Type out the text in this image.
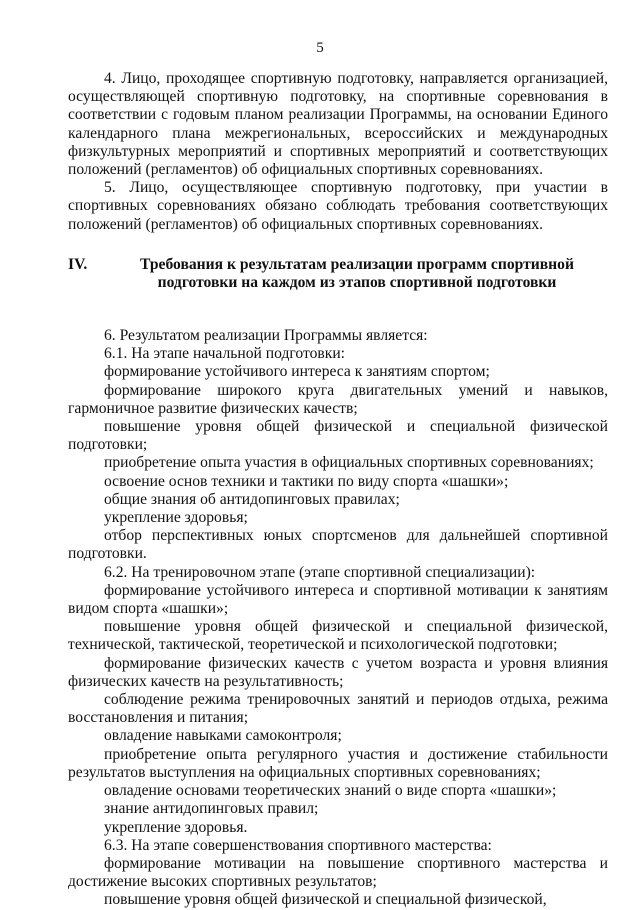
5

4. Лицо, проходящее спортивную подготовку, направляется организацией, осуществляющей спортивную подготовку, на спортивные соревнования в соответствии с годовым планом реализации Программы, на основании Единого календарного плана межрегиональных, всероссийских и международных физкультурных мероприятий и спортивных мероприятий и соответствующих положений (регламентов) об официальных спортивных соревнованиях.

5. Лицо, осуществляющее спортивную подготовку, при участии в спортивных соревнованиях обязано соблюдать требования соответствующих положений (регламентов) об официальных спортивных соревнованиях.

IV.	Требования к результатам реализации программ спортивной подготовки на каждом из этапов спортивной подготовки

6. Результатом реализации Программы является:

6.1. На этапе начальной подготовки:

формирование устойчивого интереса к занятиям спортом;

формирование широкого круга двигательных умений и навыков, гармоничное развитие физических качеств;

повышение уровня общей физической и специальной физической подготовки;

приобретение опыта участия в официальных спортивных соревнованиях;

освоение основ техники и тактики по виду спорта «шашки»;

общие знания об антидопинговых правилах;

укрепление здоровья;

отбор перспективных юных спортсменов для дальнейшей спортивной подготовки.

6.2. На тренировочном этапе (этапе спортивной специализации):

формирование устойчивого интереса и спортивной мотивации к занятиям видом спорта «шашки»;

повышение уровня общей физической и специальной физической, технической, тактической, теоретической и психологической подготовки;

формирование физических качеств с учетом возраста и уровня влияния физических качеств на результативность;

соблюдение режима тренировочных занятий и периодов отдыха, режима восстановления и питания;

овладение навыками самоконтроля;

приобретение опыта регулярного участия и достижение стабильности результатов выступления на официальных спортивных соревнованиях;

овладение основами теоретических знаний о виде спорта «шашки»;

знание антидопинговых правил;

укрепление здоровья.

6.3. На этапе совершенствования спортивного мастерства:

формирование мотивации на повышение спортивного мастерства и достижение высоких спортивных результатов;

повышение уровня общей физической и специальной физической,
